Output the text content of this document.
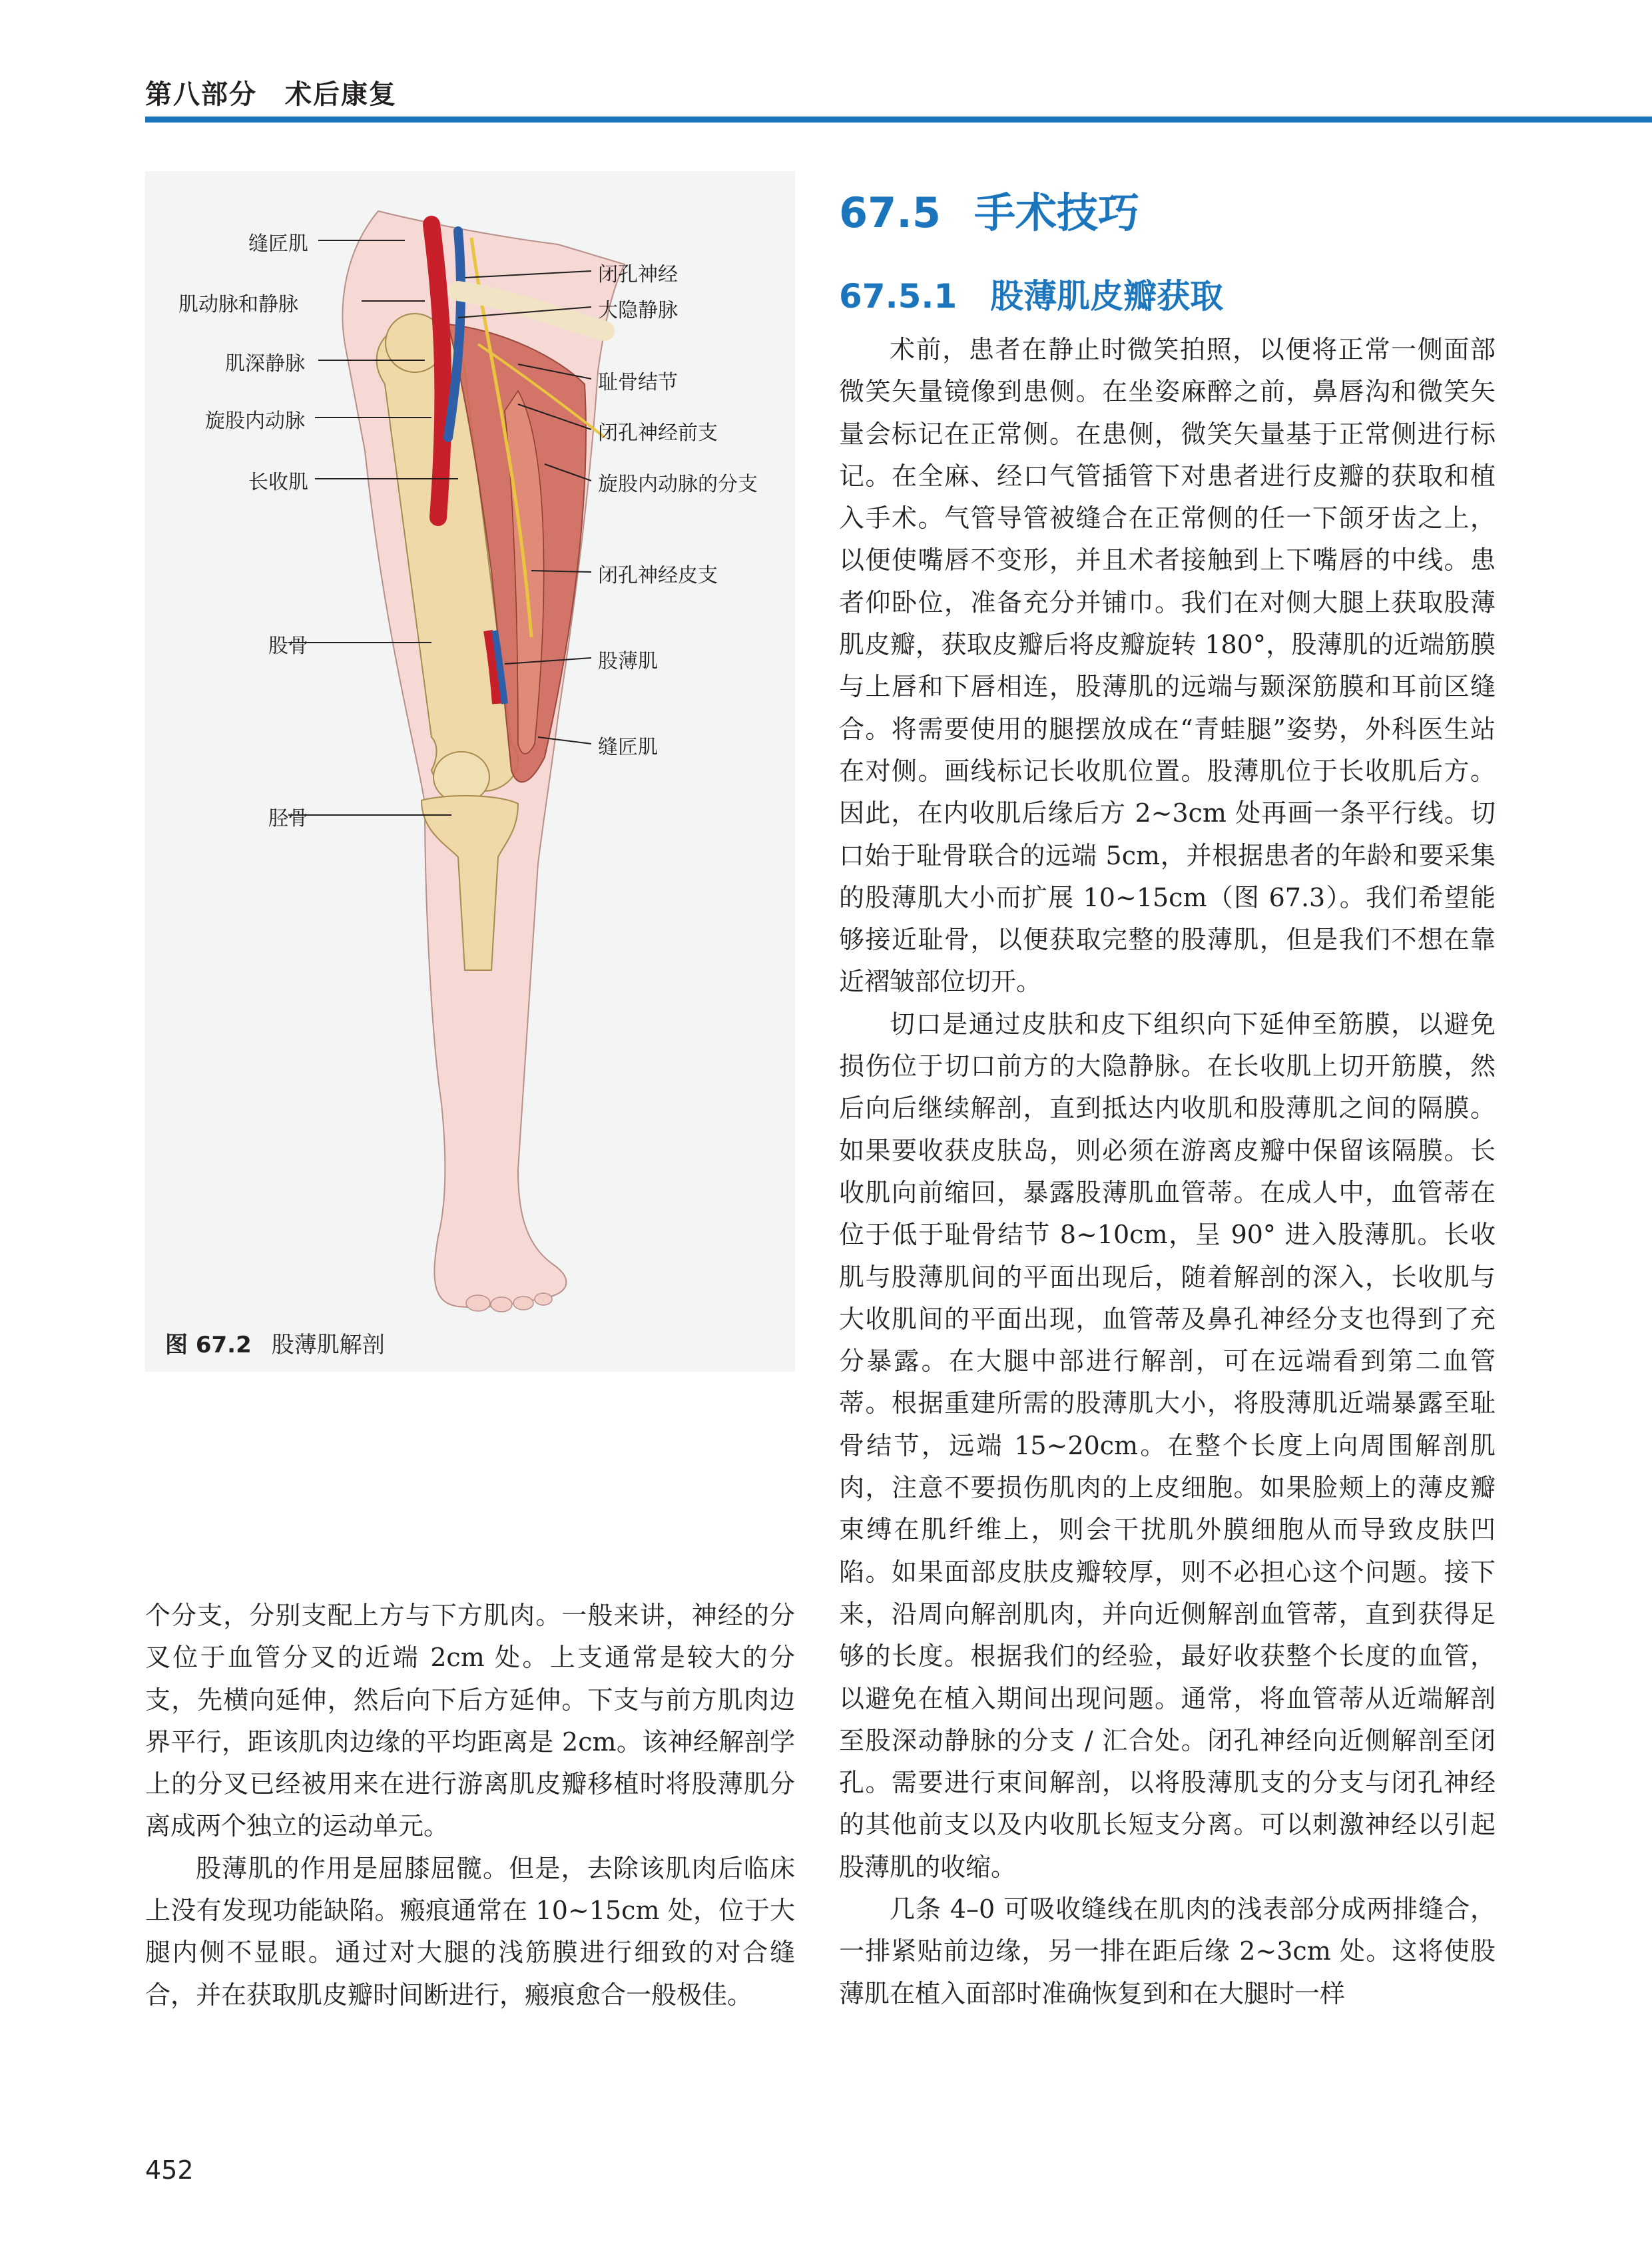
第八部分　术后康复
缝匠肌
肌动脉和静脉
肌深静脉
旋股内动脉
长收肌
股骨
胫骨
闭孔神经
大隐静脉
耻骨结节
闭孔神经前支
旋股内动脉的分支
闭孔神经皮支
股薄肌
缝匠肌
图 67.2 股薄肌解剖
67.5 手术技巧
67.5.1 股薄肌皮瓣获取

术前，患者在静止时微笑拍照，以便将正常一侧面部微笑矢量镜像到患侧。在坐姿麻醉之前，鼻唇沟和微笑矢量会标记在正常侧。在患侧，微笑矢量基于正常侧进行标记。在全麻、经口气管插管下对患者进行皮瓣的获取和植入手术。气管导管被缝合在正常侧的任一下颌牙齿之上，以便使嘴唇不变形，并且术者接触到上下嘴唇的中线。患者仰卧位，准备充分并铺巾。我们在对侧大腿上获取股薄肌皮瓣，获取皮瓣后将皮瓣旋转 180°，股薄肌的近端筋膜与上唇和下唇相连，股薄肌的远端与颞深筋膜和耳前区缝合。将需要使用的腿摆放成在“青蛙腿”姿势，外科医生站在对侧。画线标记长收肌位置。股薄肌位于长收肌后方。因此，在内收肌后缘后方 2~3cm 处再画一条平行线。切口始于耻骨联合的远端 5cm，并根据患者的年龄和要采集的股薄肌大小而扩展 10~15cm（图 67.3）。我们希望能够接近耻骨，以便获取完整的股薄肌，但是我们不想在靠近褶皱部位切开。

切口是通过皮肤和皮下组织向下延伸至筋膜，以避免损伤位于切口前方的大隐静脉。在长收肌上切开筋膜，然后向后继续解剖，直到抵达内收肌和股薄肌之间的隔膜。如果要收获皮肤岛，则必须在游离皮瓣中保留该隔膜。长收肌向前缩回，暴露股薄肌血管蒂。在成人中，血管蒂在位于低于耻骨结节 8~10cm，呈 90° 进入股薄肌。长收肌与股薄肌间的平面出现后，随着解剖的深入，长收肌与大收肌间的平面出现，血管蒂及鼻孔神经分支也得到了充分暴露。在大腿中部进行解剖，可在远端看到第二血管蒂。根据重建所需的股薄肌大小，将股薄肌近端暴露至耻骨结节，远端 15~20cm。在整个长度上向周围解剖肌肉，注意不要损伤肌肉的上皮细胞。如果脸颊上的薄皮瓣束缚在肌纤维上，则会干扰肌外膜细胞从而导致皮肤凹陷。如果面部皮肤皮瓣较厚，则不必担心这个问题。接下来，沿周向解剖肌肉，并向近侧解剖血管蒂，直到获得足够的长度。根据我们的经验，最好收获整个长度的血管，以避免在植入期间出现问题。通常，将血管蒂从近端解剖至股深动静脉的分支 / 汇合处。闭孔神经向近侧解剖至闭孔。需要进行束间解剖，以将股薄肌支的分支与闭孔神经的其他前支以及内收肌长短支分离。可以刺激神经以引起股薄肌的收缩。

几条 4–0 可吸收缝线在肌肉的浅表部分成两排缝合，一排紧贴前边缘，另一排在距后缘 2~3cm 处。这将使股薄肌在植入面部时准确恢复到和在大腿时一样

个分支，分别支配上方与下方肌肉。一般来讲，神经的分叉位于血管分叉的近端 2cm 处。上支通常是较大的分支，先横向延伸，然后向下后方延伸。下支与前方肌肉边界平行，距该肌肉边缘的平均距离是 2cm。该神经解剖学上的分叉已经被用来在进行游离肌皮瓣移植时将股薄肌分离成两个独立的运动单元。

股薄肌的作用是屈膝屈髋。但是，去除该肌肉后临床上没有发现功能缺陷。瘢痕通常在 10~15cm 处，位于大腿内侧不显眼。通过对大腿的浅筋膜进行细致的对合缝合，并在获取肌皮瓣时间断进行，瘢痕愈合一般极佳。

452
